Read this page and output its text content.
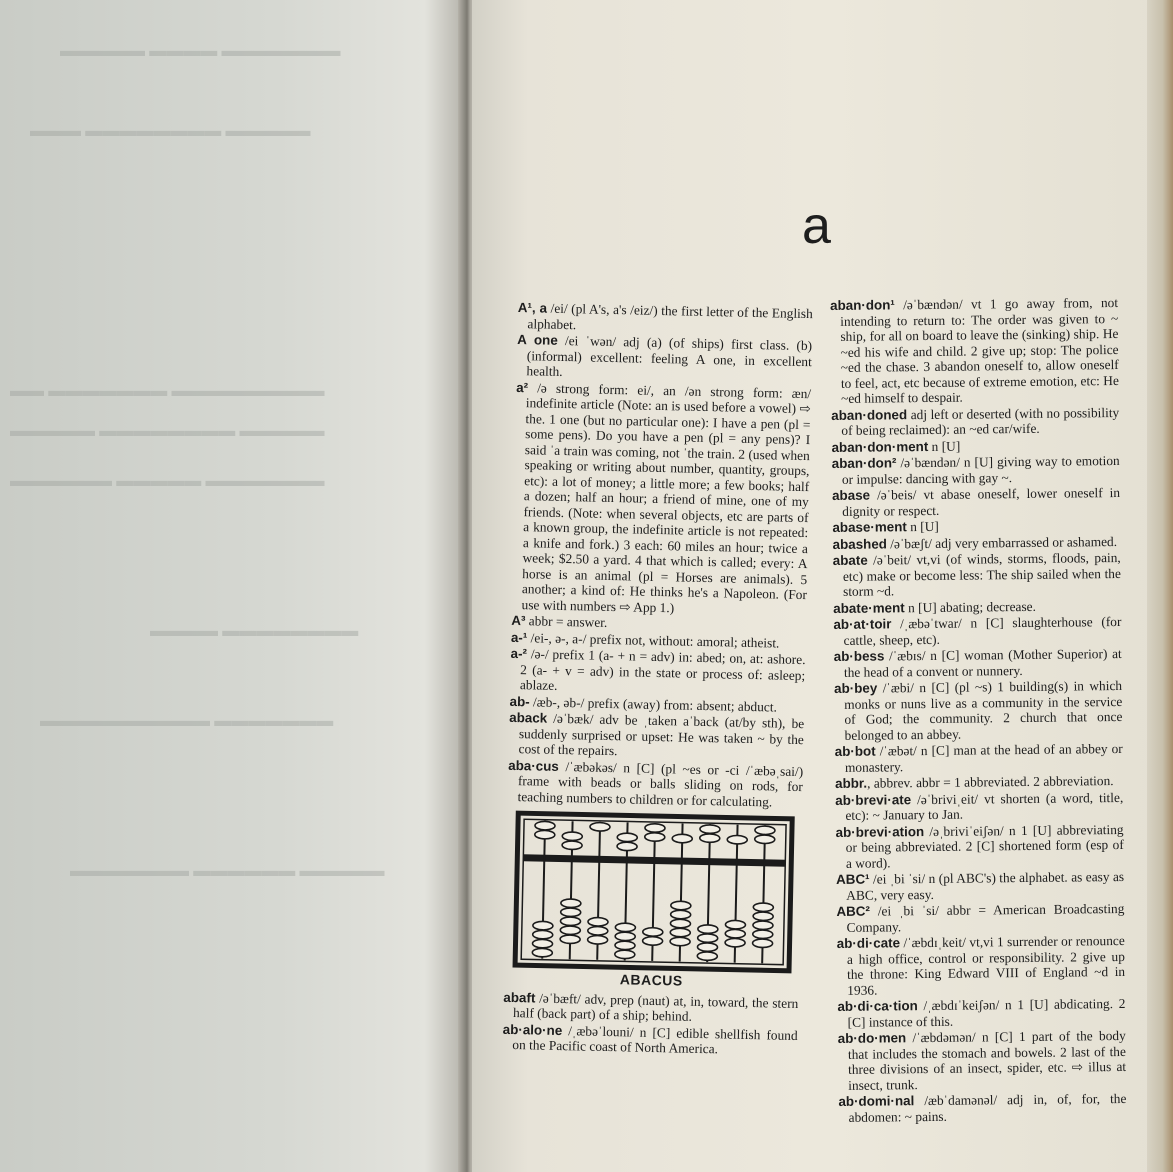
▬▬▬▬▬▬▬ ▬▬▬▬ ▬▬▬▬▬
▬▬▬▬▬ ▬▬▬▬▬▬▬▬ ▬▬▬
▬▬▬▬▬▬▬▬▬ ▬▬▬▬▬▬▬ ▬▬
▬▬▬▬▬ ▬▬▬▬▬▬▬▬ ▬▬▬▬▬
▬▬▬▬▬▬▬ ▬▬▬▬▬ ▬▬▬▬▬▬
▬▬▬▬▬▬▬▬ ▬▬▬▬
▬▬▬▬▬▬▬ ▬▬▬▬▬▬▬▬▬▬
▬▬▬▬▬ ▬▬▬▬▬▬ ▬▬▬▬▬▬▬
a
A¹, a /ei/ (pl A's, a's /eiz/) the first letter of the English alphabet.
A one /ei ˈwən/ adj (a) (of ships) first class. (b) (informal) excellent: feeling A one, in excellent health.
a² /ə strong form: ei/, an /ən strong form: æn/ indefinite article (Note: an is used before a vowel) ⇨ the. 1 one (but no particular one): I have a pen (pl = some pens). Do you have a pen (pl = any pens)? I said ˈa train was coming, not ˈthe train. 2 (used when speaking or writing about number, quantity, groups, etc): a lot of money; a little more; a few books; half a dozen; half an hour; a friend of mine, one of my friends. (Note: when several objects, etc are parts of a known group, the indefinite article is not repeated: a knife and fork.) 3 each: 60 miles an hour; twice a week; $2.50 a yard. 4 that which is called; every: A horse is an animal (pl = Horses are animals). 5 another; a kind of: He thinks he's a Napoleon. (For use with numbers ⇨ App 1.)
A³ abbr = answer.
a-¹ /ei-, ə-, a-/ prefix not, without: amoral; atheist.
a-² /ə-/ prefix 1 (a- + n = adv) in: abed; on, at: ashore. 2 (a- + v = adv) in the state or process of: asleep; ablaze.
ab- /æb-, əb-/ prefix (away) from: absent; abduct.
aback /əˈbæk/ adv be ˌtaken aˈback (at/by sth), be suddenly surprised or upset: He was taken ~ by the cost of the repairs.
aba·cus /ˈæbəkəs/ n [C] (pl ~es or -ci /ˈæbəˌsai/) frame with beads or balls sliding on rods, for teaching numbers to children or for calculating.
ABACUS
abaft /əˈbæft/ adv, prep (naut) at, in, toward, the stern half (back part) of a ship; behind.
ab·alo·ne /ˌæbəˈlouni/ n [C] edible shellfish found on the Pacific coast of North America.
aban·don¹ /əˈbændən/ vt 1 go away from, not intending to return to: The order was given to ~ ship, for all on board to leave the (sinking) ship. He ~ed his wife and child. 2 give up; stop: The police ~ed the chase. 3 abandon oneself to, allow oneself to feel, act, etc because of extreme emotion, etc: He ~ed himself to despair.
aban·doned adj left or deserted (with no possibility of being reclaimed): an ~ed car/wife.
aban·don·ment n [U]
aban·don² /əˈbændən/ n [U] giving way to emotion or impulse: dancing with gay ~.
abase /əˈbeis/ vt abase oneself, lower oneself in dignity or respect.
abase·ment n [U]
abashed /əˈbæʃt/ adj very embarrassed or ashamed.
abate /əˈbeit/ vt,vi (of winds, storms, floods, pain, etc) make or become less: The ship sailed when the storm ~d.
abate·ment n [U] abating; decrease.
ab·at·toir /ˌæbəˈtwar/ n [C] slaughterhouse (for cattle, sheep, etc).
ab·bess /ˈæbɪs/ n [C] woman (Mother Superior) at the head of a convent or nunnery.
ab·bey /ˈæbi/ n [C] (pl ~s) 1 building(s) in which monks or nuns live as a community in the service of God; the community. 2 church that once belonged to an abbey.
ab·bot /ˈæbət/ n [C] man at the head of an abbey or monastery.
abbr., abbrev. abbr = 1 abbreviated. 2 abbreviation.
ab·brevi·ate /əˈbriviˌeit/ vt shorten (a word, title, etc): ~ January to Jan.
ab·brevi·ation /əˌbriviˈeiʃən/ n 1 [U] abbreviating or being abbreviated. 2 [C] shortened form (esp of a word).
ABC¹ /ei ˌbi ˈsi/ n (pl ABC's) the alphabet. as easy as ABC, very easy.
ABC² /ei ˌbi ˈsi/ abbr = American Broadcasting Company.
ab·di·cate /ˈæbdɪˌkeit/ vt,vi 1 surrender or renounce a high office, control or responsibility. 2 give up the throne: King Edward VIII of England ~d in 1936.
ab·di·ca·tion /ˌæbdɪˈkeiʃən/ n 1 [U] abdicating. 2 [C] instance of this.
ab·do·men /ˈæbdəmən/ n [C] 1 part of the body that includes the stomach and bowels. 2 last of the three divisions of an insect, spider, etc. ⇨ illus at insect, trunk.
ab·domi·nal /æbˈdamənəl/ adj in, of, for, the abdomen: ~ pains.
